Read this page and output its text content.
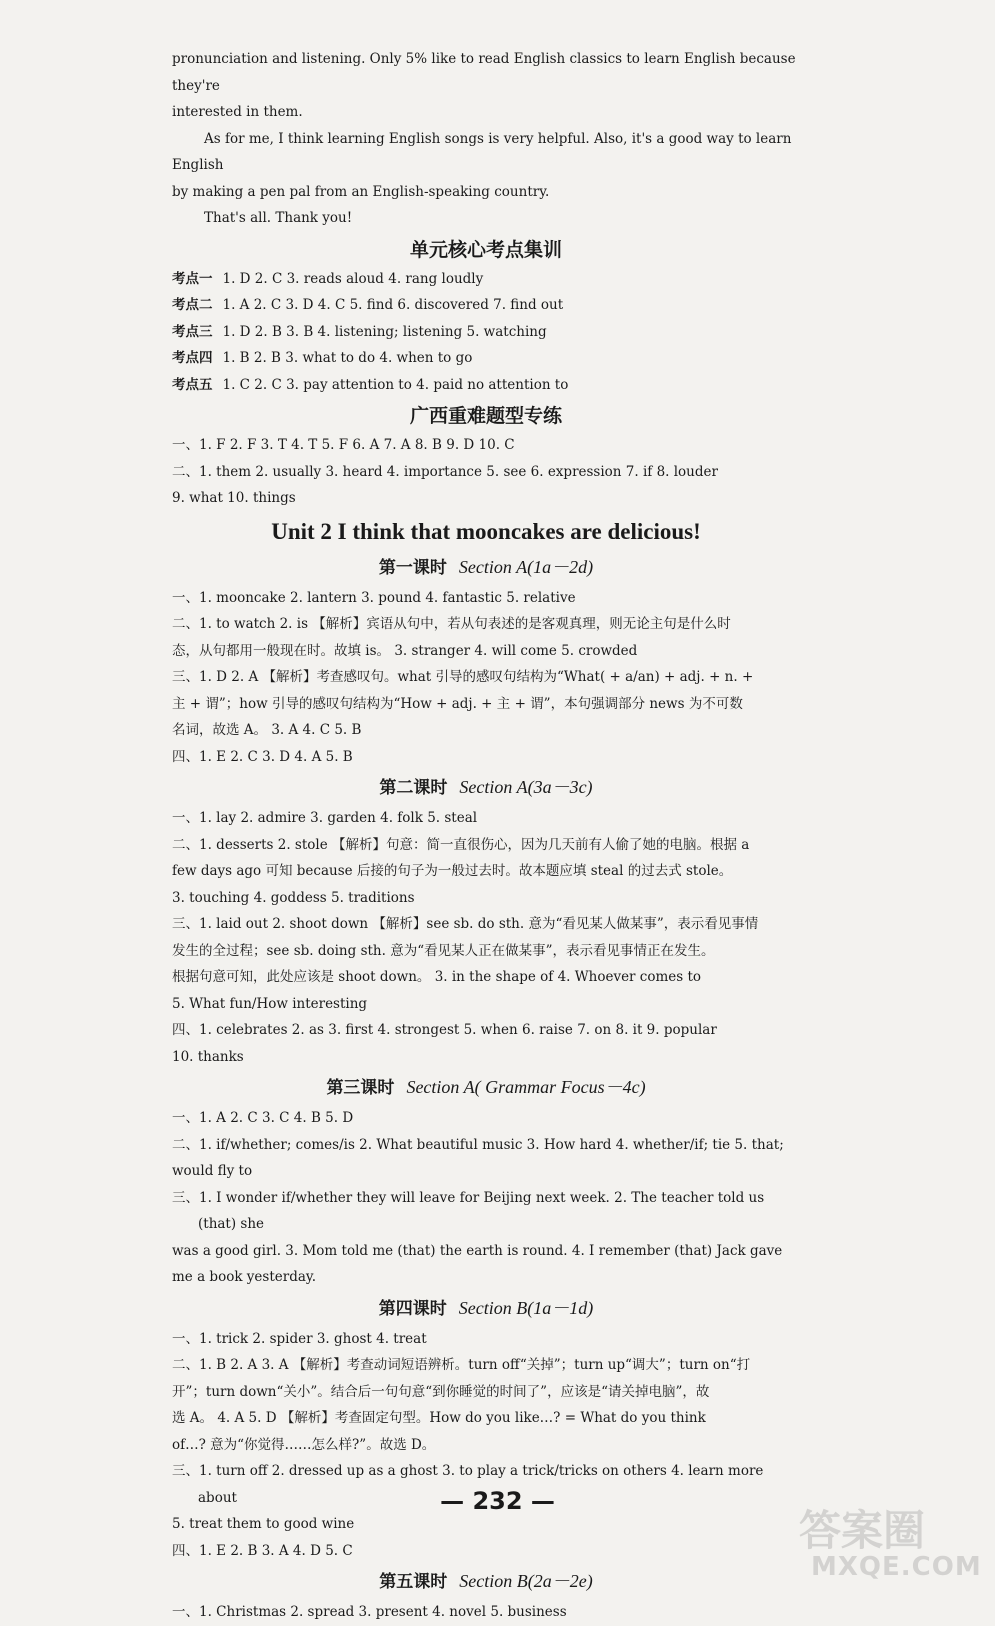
pronunciation and listening. Only 5% like to read English classics to learn English because they're

interested in them.

As for me, I think learning English songs is very helpful. Also, it's a good way to learn English

by making a pen pal from an English-speaking country.

That's all. Thank you!

单元核心考点集训
考点一 1. D 2. C 3. reads aloud 4. rang loudly
考点二 1. A 2. C 3. D 4. C 5. find 6. discovered 7. find out
考点三 1. D 2. B 3. B 4. listening; listening 5. watching
考点四 1. B 2. B 3. what to do 4. when to go
考点五 1. C 2. C 3. pay attention to 4. paid no attention to
广西重难题型专练
一、1. F 2. F 3. T 4. T 5. F 6. A 7. A 8. B 9. D 10. C
二、1. them 2. usually 3. heard 4. importance 5. see 6. expression 7. if 8. louder
9. what 10. things
Unit 2 I think that mooncakes are delicious!
第一课时 Section A(1a－2d)
一、1. mooncake 2. lantern 3. pound 4. fantastic 5. relative
二、1. to watch 2. is 【解析】宾语从句中，若从句表述的是客观真理，则无论主句是什么时
态，从句都用一般现在时。故填 is。 3. stranger 4. will come 5. crowded
三、1. D 2. A 【解析】考查感叹句。what 引导的感叹句结构为“What( + a/an) + adj. + n. +
主 + 谓”；how 引导的感叹句结构为“How + adj. + 主 + 谓”，本句强调部分 news 为不可数
名词，故选 A。 3. A 4. C 5. B
四、1. E 2. C 3. D 4. A 5. B
第二课时 Section A(3a－3c)
一、1. lay 2. admire 3. garden 4. folk 5. steal
二、1. desserts 2. stole 【解析】句意：简一直很伤心，因为几天前有人偷了她的电脑。根据 a
few days ago 可知 because 后接的句子为一般过去时。故本题应填 steal 的过去式 stole。
3. touching 4. goddess 5. traditions
三、1. laid out 2. shoot down 【解析】see sb. do sth. 意为“看见某人做某事”，表示看见事情
发生的全过程；see sb. doing sth. 意为“看见某人正在做某事”，表示看见事情正在发生。
根据句意可知，此处应该是 shoot down。 3. in the shape of 4. Whoever comes to
5. What fun/How interesting
四、1. celebrates 2. as 3. first 4. strongest 5. when 6. raise 7. on 8. it 9. popular
10. thanks
第三课时 Section A( Grammar Focus－4c)
一、1. A 2. C 3. C 4. B 5. D
二、1. if/whether; comes/is 2. What beautiful music 3. How hard 4. whether/if; tie 5. that;
would fly to
三、1. I wonder if/whether they will leave for Beijing next week. 2. The teacher told us (that) she
was a good girl. 3. Mom told me (that) the earth is round. 4. I remember (that) Jack gave
me a book yesterday.
第四课时 Section B(1a－1d)
一、1. trick 2. spider 3. ghost 4. treat
二、1. B 2. A 3. A 【解析】考查动词短语辨析。turn off“关掉”；turn up“调大”；turn on“打
开”；turn down“关小”。结合后一句句意“到你睡觉的时间了”，应该是“请关掉电脑”，故
选 A。 4. A 5. D 【解析】考查固定句型。How do you like…? = What do you think
of…? 意为“你觉得……怎么样?”。故选 D。
三、1. turn off 2. dressed up as a ghost 3. to play a trick/tricks on others 4. learn more about
5. treat them to good wine
四、1. E 2. B 3. A 4. D 5. C
第五课时 Section B(2a－2e)
一、1. Christmas 2. spread 3. present 4. novel 5. business
— 232 —
答案圈
MXQE.COM
